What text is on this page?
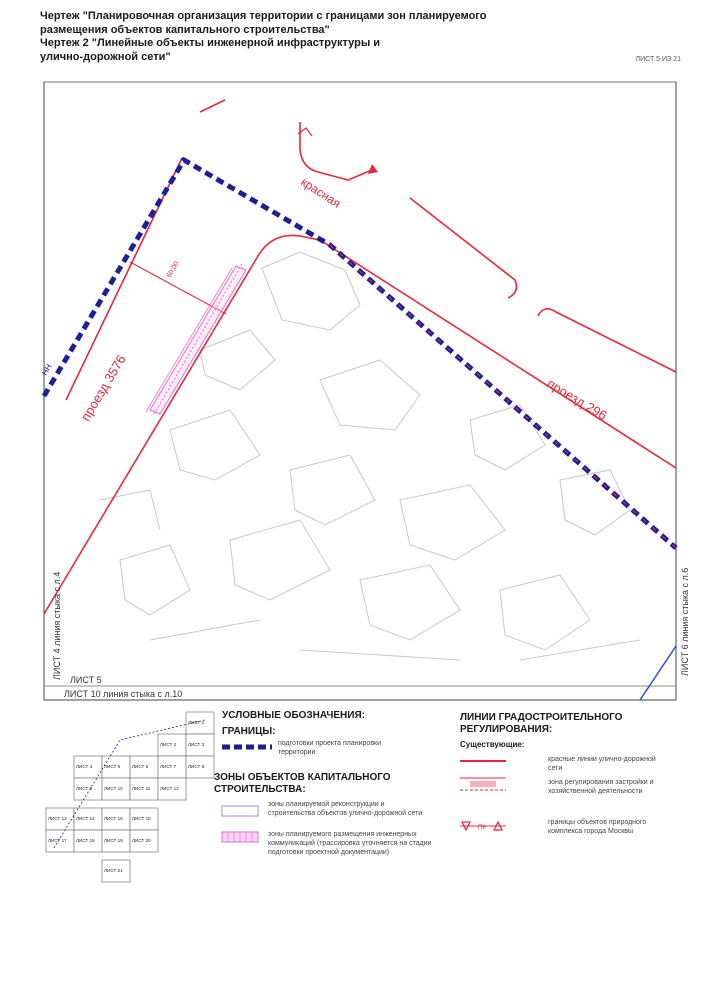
Чертеж "Планировочная организация территории с границами зон планируемого
размещения объектов капитального строительства"
Чертеж 2 "Линейные объекты инженерной инфраструктуры и
улично-дорожной сети"	ЛИСТ 5 ИЗ 21
красная
проезд 3576	проезд 296
60.00
НН
ЛИСТ 4 линия стыка с л.4	ЛИСТ 6 линия стыка с л.6
ЛИСТ 5
ЛИСТ 10 линия стыка с л.10
ЛИСТ 1
ЛИСТ 2	ЛИСТ 3
ЛИСТ 4	ЛИСТ 5	ЛИСТ 6	ЛИСТ 7	ЛИСТ 8
ЛИСТ 9	ЛИСТ 10 ЛИСТ 11 ЛИСТ 12
ЛИСТ 13 ЛИСТ 14 ЛИСТ 15 ЛИСТ 16
ЛИСТ 17 ЛИСТ 18 ЛИСТ 19 ЛИСТ 20
ЛИСТ 21
ПК
УСЛОВНЫЕ ОБОЗНАЧЕНИЯ:
ГРАНИЦЫ:
подготовки проекта планировки территории
ЗОНЫ ОБЪЕКТОВ КАПИТАЛЬНОГО СТРОИТЕЛЬСТВА:
зоны планируемой реконструкции и строительства объектов улично-дорожной сети
зоны планируемого размещения инженерных коммуникаций (трассировка уточняется на стадии подготовки проектной документации)
ЛИНИИ ГРАДОСТРОИТЕЛЬНОГО РЕГУЛИРОВАНИЯ:
Существующие:
красные линии улично-дорожной сети
зона регулирования застройки и хозяйственной деятельности
границы объектов природного комплекса города Москвы
